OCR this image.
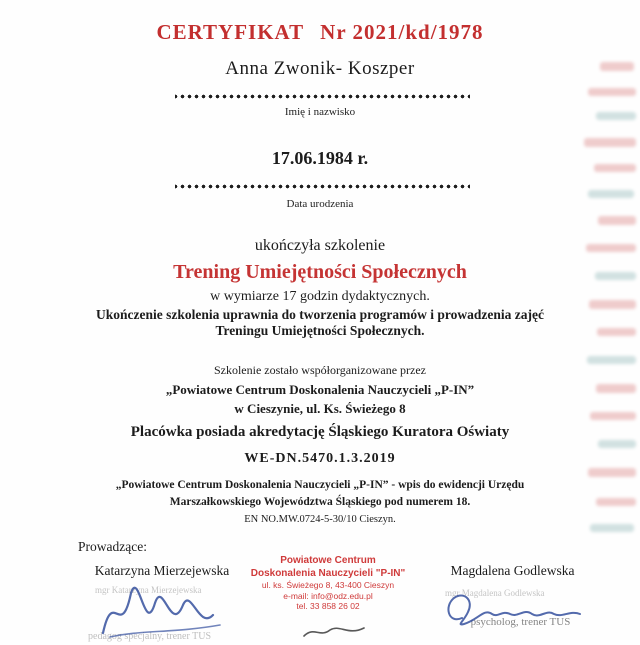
CERTYFIKAT Nr 2021/kd/1978
Anna Zwonik- Koszper
Imię i nazwisko
17.06.1984 r.
Data urodzenia
ukończyła szkolenie
Trening Umiejętności Społecznych
w wymiarze 17 godzin dydaktycznych.
Ukończenie szkolenia uprawnia do tworzenia programów i prowadzenia zajęć
Treningu Umiejętności Społecznych.
Szkolenie zostało współorganizowane przez
„Powiatowe Centrum Doskonalenia Nauczycieli „P-IN”
w Cieszynie, ul. Ks. Świeżego 8
Placówka posiada akredytację Śląskiego Kuratora Oświaty
WE-DN.5470.1.3.2019
„Powiatowe Centrum Doskonalenia Nauczycieli „P-IN” - wpis do ewidencji Urzędu
Marszałkowskiego Województwa Śląskiego pod numerem 18.
EN NO.MW.0724-5-30/10 Cieszyn.
Prowadzące:
Katarzyna Mierzejewska
mgr Katarzyna Mierzejewska
pedagog specjalny, trener TUS
Powiatowe Centrum
Doskonalenia Nauczycieli "P-IN"
ul. ks. Świeżego 8, 43-400 Cieszyn
e-mail: info@odz.edu.pl
tel. 33 858 26 02
Magdalena Godlewska
mgr Magdalena Godlewska
psycholog, trener TUS
